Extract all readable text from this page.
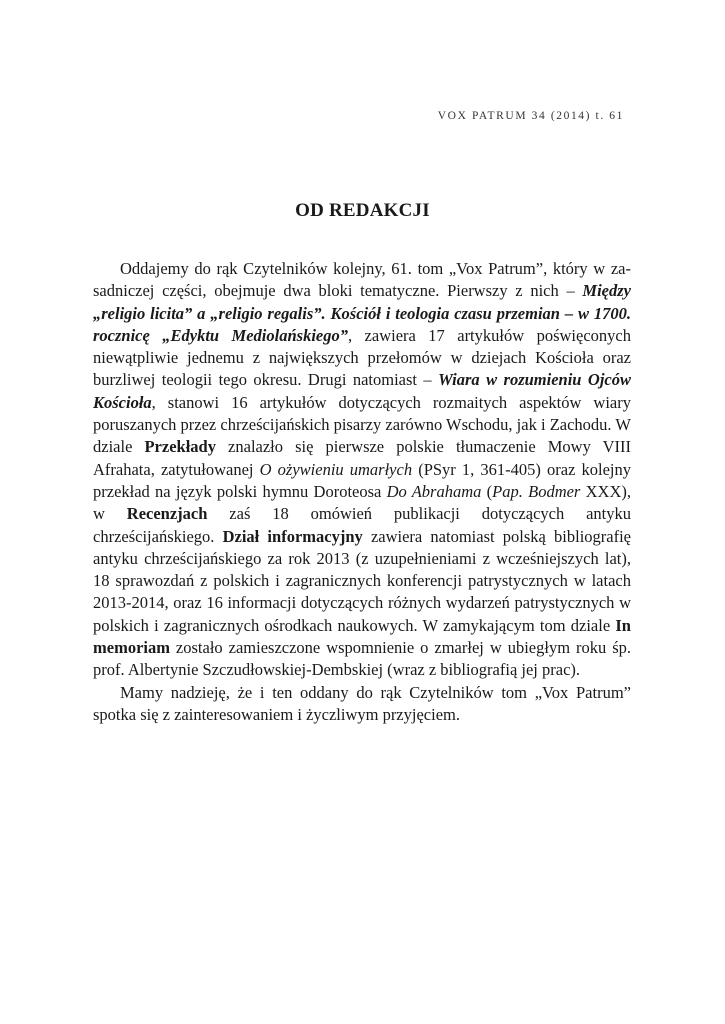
VOX PATRUM 34 (2014) t. 61
OD REDAKCJI

Oddajemy do rąk Czytelników kolejny, 61. tom „Vox Patrum”, który w zasadniczej części, obejmuje dwa bloki tematyczne. Pierwszy z nich – Między „religio licita” a „religio regalis”. Kościół i teologia czasu przemian – w 1700. rocznicę „Edyktu Mediolańskiego”, zawiera 17 artykułów poświęconych niewątpliwie jednemu z największych przełomów w dziejach Kościoła oraz burzliwej teologii tego okresu. Drugi natomiast – Wiara w rozumieniu Ojców Kościoła, stanowi 16 artykułów dotyczących rozmaitych aspektów wiary poruszanych przez chrześcijańskich pisarzy zarówno Wschodu, jak i Zachodu. W dziale Przekłady znalazło się pierwsze polskie tłumaczenie Mowy VIII Afrahata, zatytułowanej O ożywieniu umarłych (PSyr 1, 361-405) oraz kolejny przekład na język polski hymnu Doroteosa Do Abrahama (Pap. Bodmer XXX), w Recenzjach zaś 18 omówień publikacji dotyczących antyku chrześcijańskiego. Dział informacyjny zawiera natomiast polską bibliografię antyku chrześcijańskiego za rok 2013 (z uzupełnieniami z wcześniejszych lat), 18 sprawozdań z polskich i zagranicznych konferencji patrystycznych w latach 2013-2014, oraz 16 informacji dotyczących różnych wydarzeń patrystycznych w polskich i zagranicznych ośrodkach naukowych. W zamykającym tom dziale In memoriam zostało zamieszczone wspomnienie o zmarłej w ubiegłym roku śp. prof. Albertynie Szczudłowskiej-Dembskiej (wraz z bibliografią jej prac).

Mamy nadzieję, że i ten oddany do rąk Czytelników tom „Vox Patrum” spotka się z zainteresowaniem i życzliwym przyjęciem.
